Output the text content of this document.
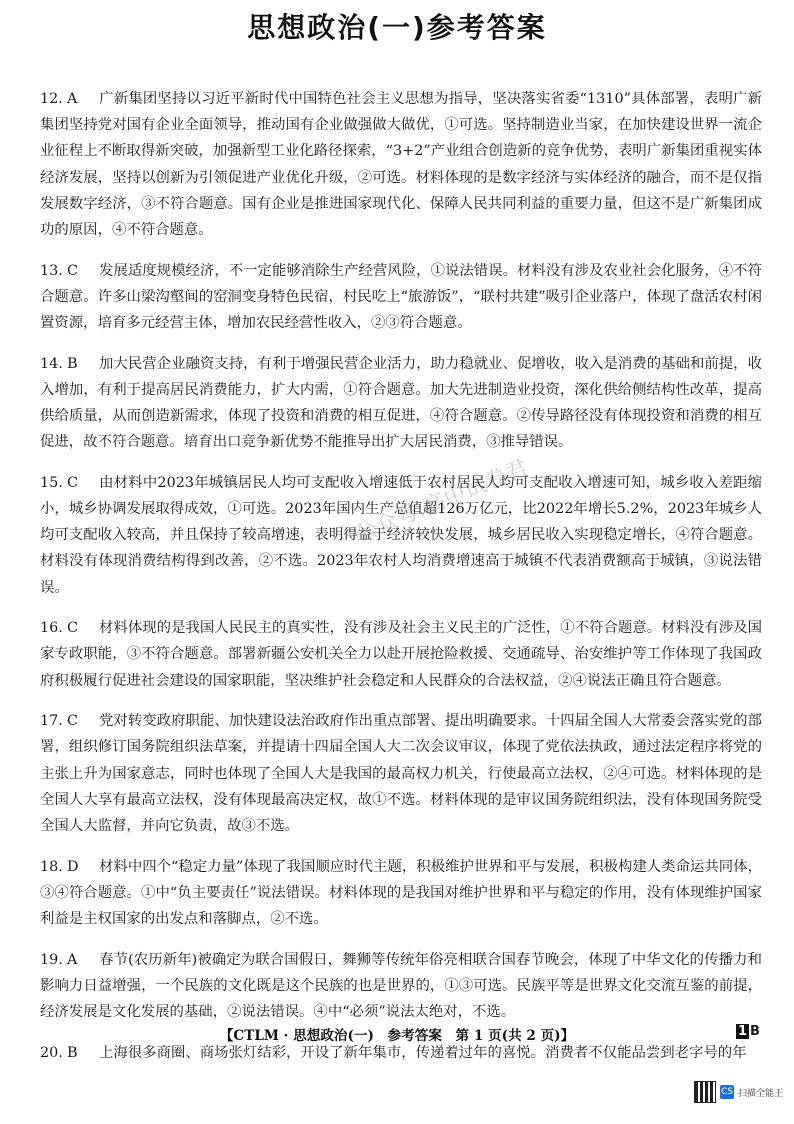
思想政治(一)参考答案
公众号:高中试卷君

12. A 广新集团坚持以习近平新时代中国特色社会主义思想为指导，坚决落实省委“1310”具体部署，表明广新集团坚持党对国有企业全面领导，推动国有企业做强做大做优，①可选。坚持制造业当家，在加快建设世界一流企业征程上不断取得新突破，加强新型工业化路径探索，“3+2”产业组合创造新的竞争优势，表明广新集团重视实体经济发展，坚持以创新为引领促进产业优化升级，②可选。材料体现的是数字经济与实体经济的融合，而不是仅指发展数字经济，③不符合题意。国有企业是推进国家现代化、保障人民共同利益的重要力量，但这不是广新集团成功的原因，④不符合题意。

13. C 发展适度规模经济，不一定能够消除生产经营风险，①说法错误。材料没有涉及农业社会化服务，④不符合题意。许多山梁沟壑间的窑洞变身特色民宿，村民吃上“旅游饭”，“联村共建”吸引企业落户，体现了盘活农村闲置资源，培育多元经营主体，增加农民经营性收入，②③符合题意。

14. B 加大民营企业融资支持，有利于增强民营企业活力，助力稳就业、促增收，收入是消费的基础和前提，收入增加，有利于提高居民消费能力，扩大内需，①符合题意。加大先进制造业投资，深化供给侧结构性改革，提高供给质量，从而创造新需求，体现了投资和消费的相互促进，④符合题意。②传导路径没有体现投资和消费的相互促进，故不符合题意。培育出口竞争新优势不能推导出扩大居民消费，③推导错误。

15. C 由材料中2023年城镇居民人均可支配收入增速低于农村居民人均可支配收入增速可知，城乡收入差距缩小，城乡协调发展取得成效，①可选。2023年国内生产总值超126万亿元，比2022年增长5.2%，2023年城乡人均可支配收入较高，并且保持了较高增速，表明得益于经济较快发展，城乡居民收入实现稳定增长，④符合题意。材料没有体现消费结构得到改善，②不选。2023年农村人均消费增速高于城镇不代表消费额高于城镇，③说法错误。

16. C 材料体现的是我国人民民主的真实性，没有涉及社会主义民主的广泛性，①不符合题意。材料没有涉及国家专政职能，③不符合题意。部署新疆公安机关全力以赴开展抢险救援、交通疏导、治安维护等工作体现了我国政府积极履行促进社会建设的国家职能，坚决维护社会稳定和人民群众的合法权益，②④说法正确且符合题意。

17. C 党对转变政府职能、加快建设法治政府作出重点部署、提出明确要求。十四届全国人大常委会落实党的部署，组织修订国务院组织法草案，并提请十四届全国人大二次会议审议，体现了党依法执政，通过法定程序将党的主张上升为国家意志，同时也体现了全国人大是我国的最高权力机关，行使最高立法权，②④可选。材料体现的是全国人大享有最高立法权，没有体现最高决定权，故①不选。材料体现的是审议国务院组织法，没有体现国务院受全国人大监督，并向它负责，故③不选。

18. D 材料中四个“稳定力量”体现了我国顺应时代主题，积极维护世界和平与发展，积极构建人类命运共同体，③④符合题意。①中“负主要责任”说法错误。材料体现的是我国对维护世界和平与稳定的作用，没有体现维护国家利益是主权国家的出发点和落脚点，②不选。

19. A 春节(农历新年)被确定为联合国假日，舞狮等传统年俗亮相联合国春节晚会，体现了中华文化的传播力和影响力日益增强，一个民族的文化既是这个民族的也是世界的，①③可选。民族平等是世界文化交流互鉴的前提，经济发展是文化发展的基础，②说法错误。④中“必须”说法太绝对，不选。

20. B 上海很多商圈、商场张灯结彩，开设了新年集市，传递着过年的喜悦。消费者不仅能品尝到老字号的年

【CTLM · 思想政治(一)　参考答案　第 1 页(共 2 页)】	1 B
CS 扫描全能王
